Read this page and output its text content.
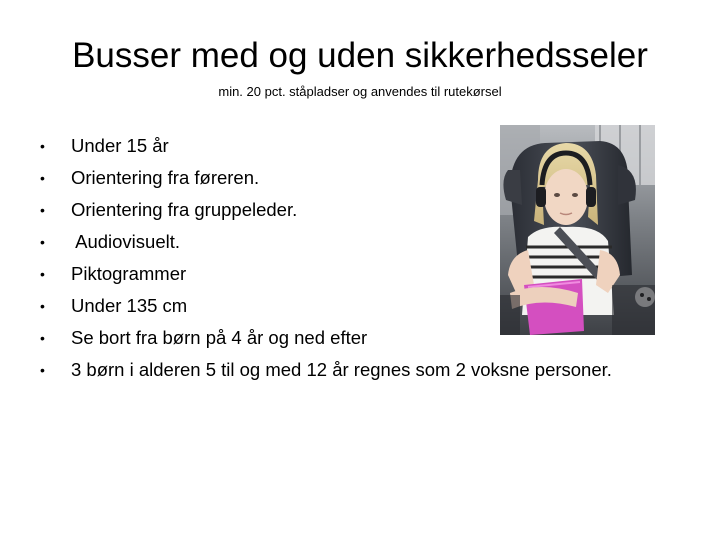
Busser med og uden sikkerhedsseler
min. 20 pct. ståpladser og anvendes til rutekørsel
•	Under 15 år
•	Orientering fra føreren.
•	Orientering fra gruppeleder.
•	Audiovisuelt.
•	Piktogrammer
•	Under 135 cm
•	Se bort fra børn på 4 år og ned efter
•	3 børn i alderen 5 til og med 12 år regnes som 2 voksne personer.
